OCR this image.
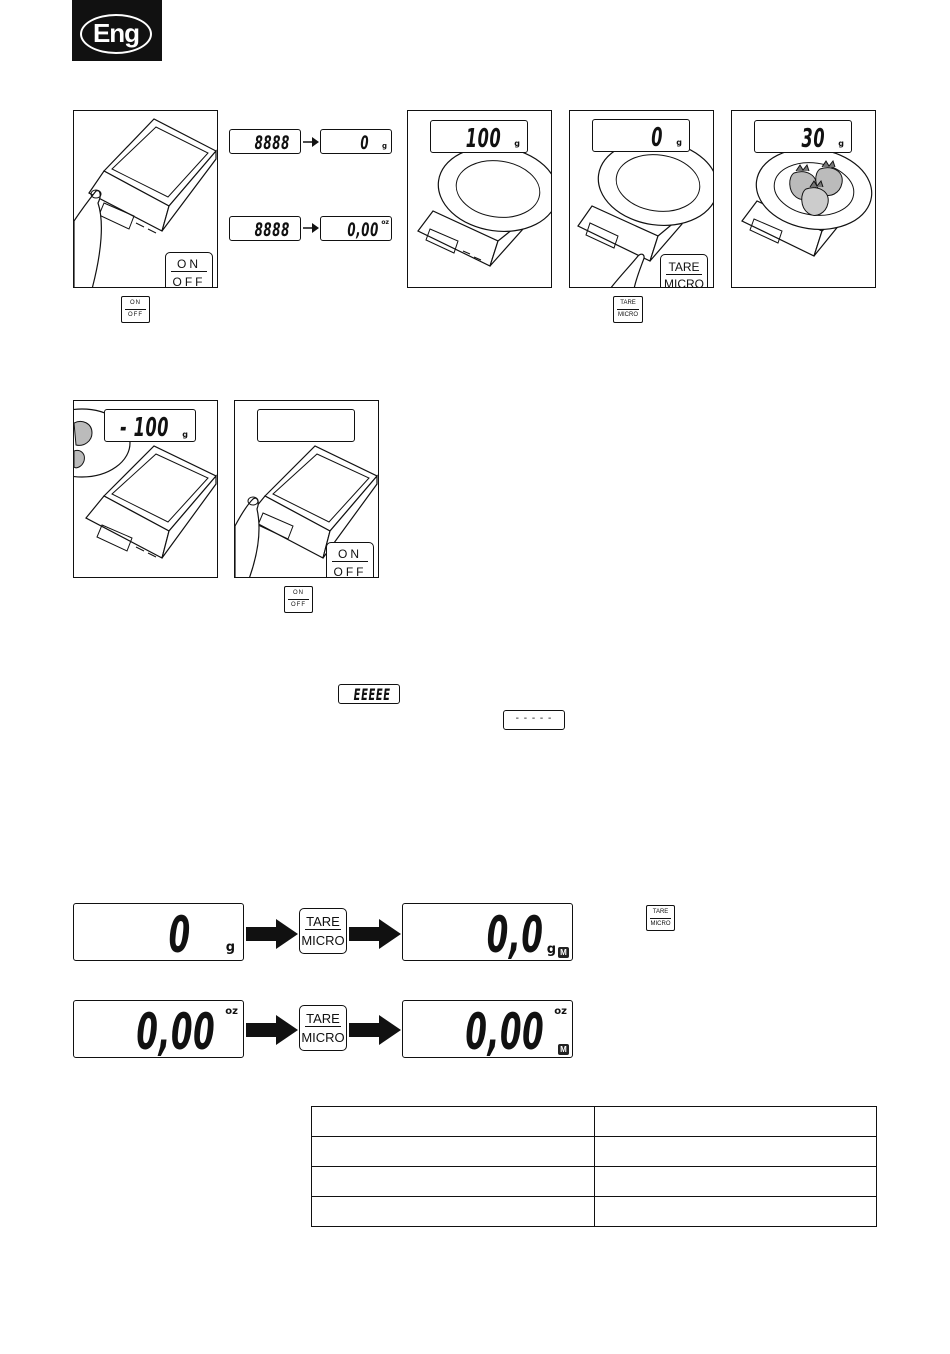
Eng
ON
OFF
ON
OFF
8888	0 g
8888	0,00 oz
100 g	0 g
TARE
MICRO
TARE
MICRO
30 g
- 100 g
ON
OFF
ON
OFF
EEEEE
- - - - -
0	g
TARE
MICRO	0,0 g M
TARE
MICRO
0,00 oz	TARE
MICRO 0,00 oz
M
